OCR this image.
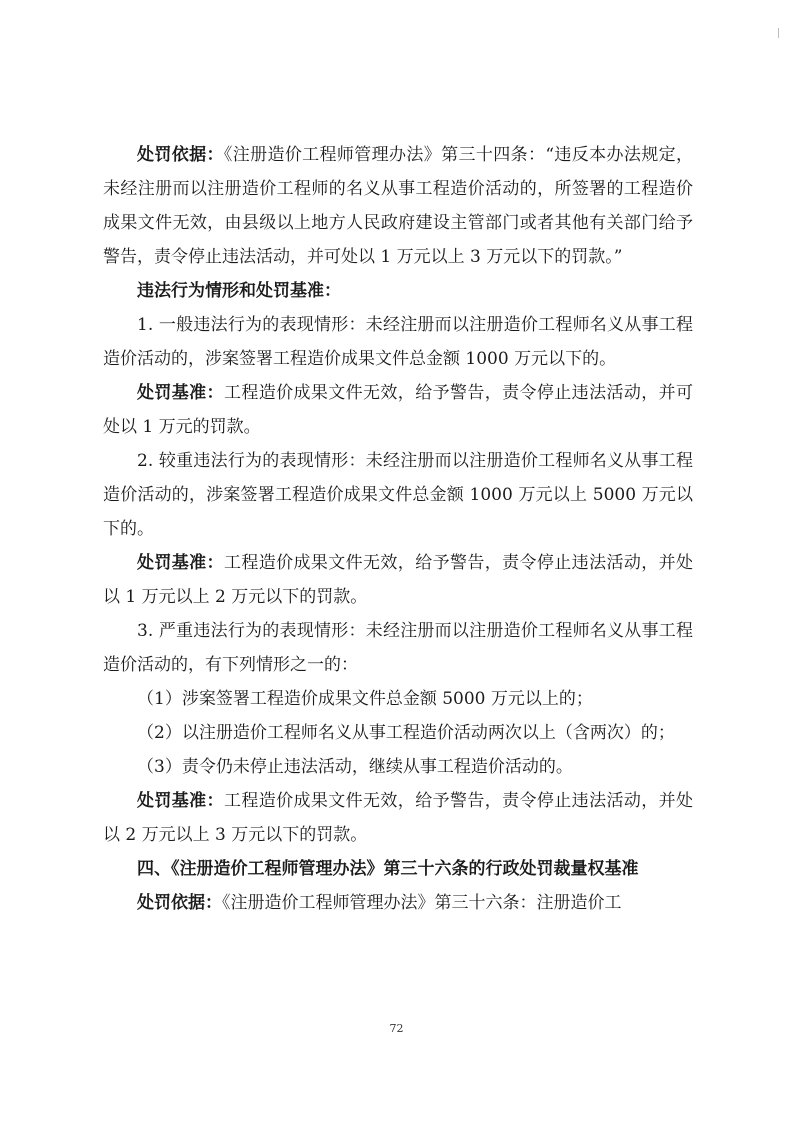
处罚依据：《注册造价工程师管理办法》第三十四条：“违反本办法规定，未经注册而以注册造价工程师的名义从事工程造价活动的，所签署的工程造价成果文件无效，由县级以上地方人民政府建设主管部门或者其他有关部门给予警告，责令停止违法活动，并可处以 1 万元以上 3 万元以下的罚款。”

违法行为情形和处罚基准：

1. 一般违法行为的表现情形：未经注册而以注册造价工程师名义从事工程造价活动的，涉案签署工程造价成果文件总金额 1000 万元以下的。

处罚基准：工程造价成果文件无效，给予警告，责令停止违法活动，并可处以 1 万元的罚款。

2. 较重违法行为的表现情形：未经注册而以注册造价工程师名义从事工程造价活动的，涉案签署工程造价成果文件总金额 1000 万元以上 5000 万元以下的。

处罚基准：工程造价成果文件无效，给予警告，责令停止违法活动，并处以 1 万元以上 2 万元以下的罚款。

3. 严重违法行为的表现情形：未经注册而以注册造价工程师名义从事工程造价活动的，有下列情形之一的：

（1）涉案签署工程造价成果文件总金额 5000 万元以上的；

（2）以注册造价工程师名义从事工程造价活动两次以上（含两次）的；

（3）责令仍未停止违法活动，继续从事工程造价活动的。

处罚基准：工程造价成果文件无效，给予警告，责令停止违法活动，并处以 2 万元以上 3 万元以下的罚款。

四、《注册造价工程师管理办法》第三十六条的行政处罚裁量权基准

处罚依据：《注册造价工程师管理办法》第三十六条：注册造价工

72
